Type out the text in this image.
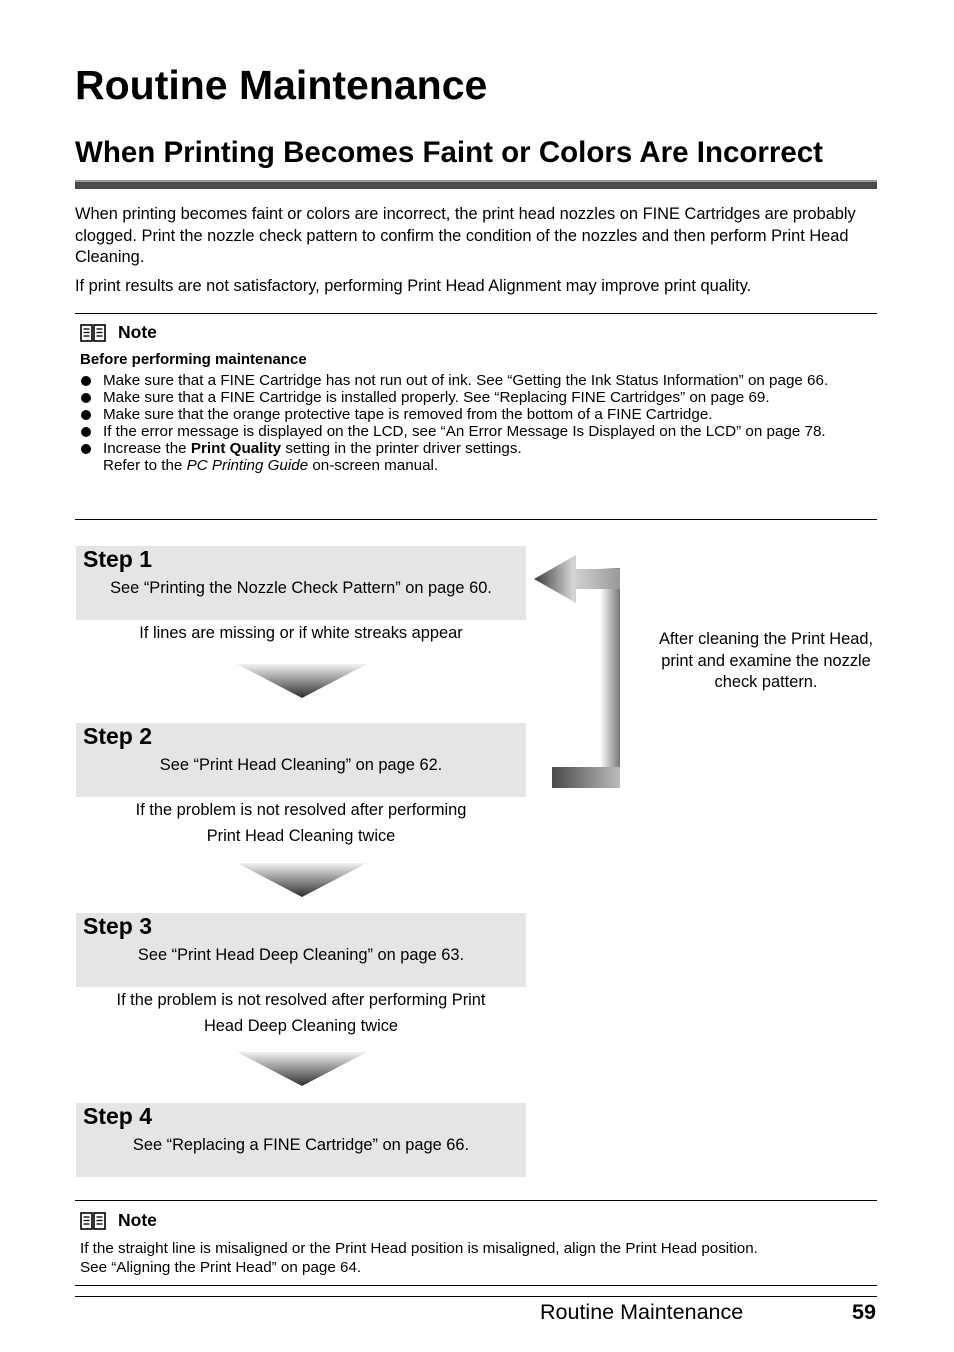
Routine Maintenance
When Printing Becomes Faint or Colors Are Incorrect
When printing becomes faint or colors are incorrect, the print head nozzles on FINE Cartridges are probably clogged. Print the nozzle check pattern to confirm the condition of the nozzles and then perform Print Head Cleaning.
If print results are not satisfactory, performing Print Head Alignment may improve print quality.
Note
Before performing maintenance
Make sure that a FINE Cartridge has not run out of ink. See “Getting the Ink Status Information” on page 66.
Make sure that a FINE Cartridge is installed properly. See “Replacing FINE Cartridges” on page 69.
Make sure that the orange protective tape is removed from the bottom of a FINE Cartridge.
If the error message is displayed on the LCD, see “An Error Message Is Displayed on the LCD” on page 78.
Increase the Print Quality setting in the printer driver settings.
Refer to the PC Printing Guide on-screen manual.
Step 1
See “Printing the Nozzle Check Pattern” on page 60.
If lines are missing or if white streaks appear
Step 2
See “Print Head Cleaning” on page 62.
If the problem is not resolved after performing
Print Head Cleaning twice
Step 3
See “Print Head Deep Cleaning” on page 63.
If the problem is not resolved after performing Print
Head Deep Cleaning twice
Step 4
See “Replacing a FINE Cartridge” on page 66.
After cleaning the Print Head, print and examine the nozzle check pattern.
Note
If the straight line is misaligned or the Print Head position is misaligned, align the Print Head position.
See “Aligning the Print Head” on page 64.
Routine Maintenance	59
